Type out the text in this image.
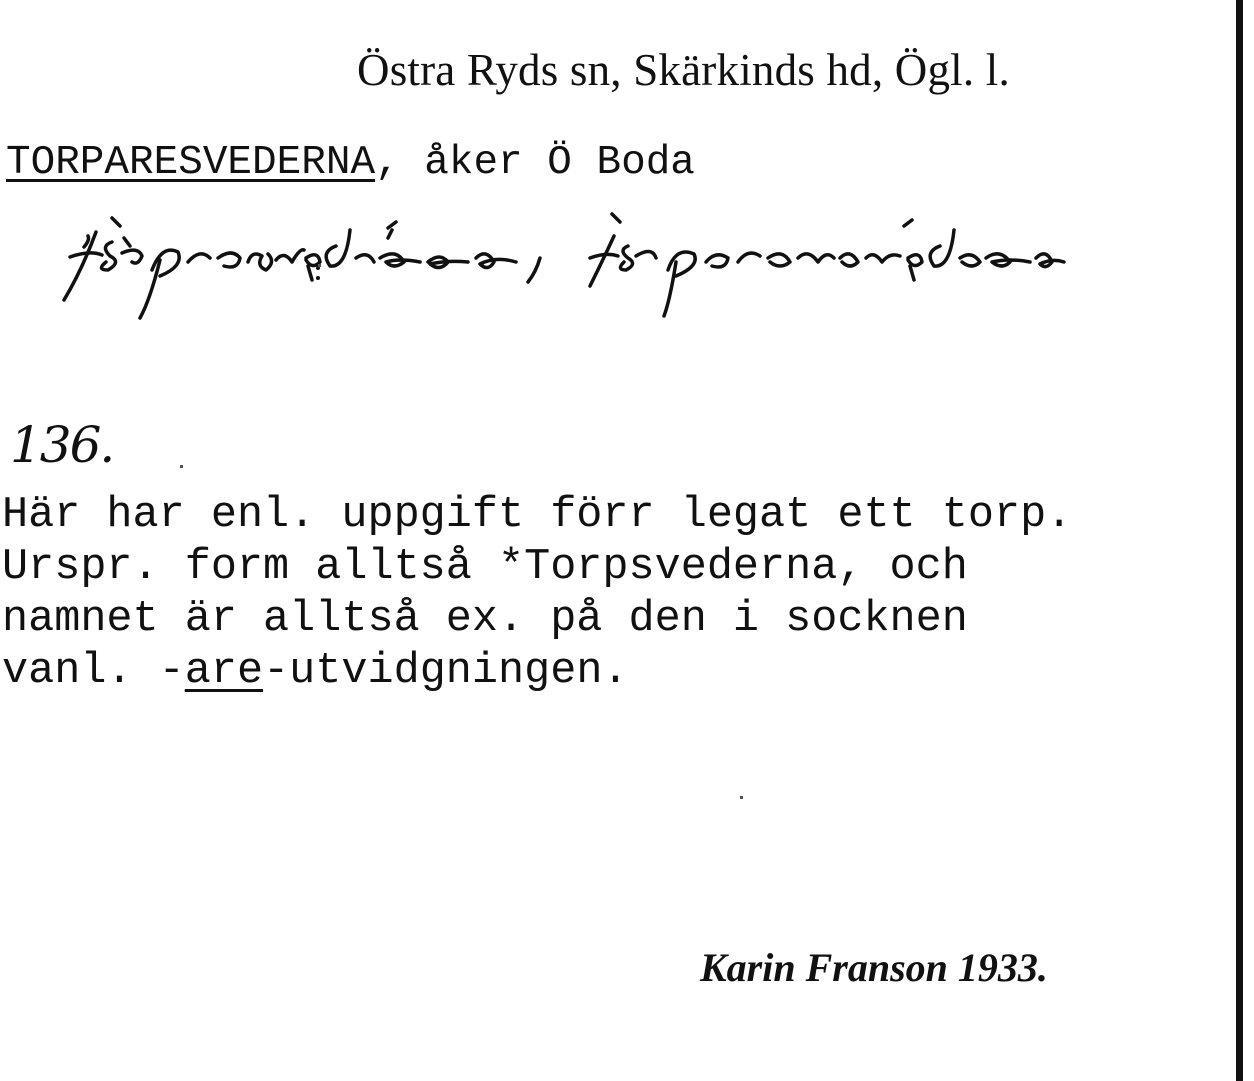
Östra Ryds sn, Skärkinds hd, Ögl. l.
TORPARESVEDERNA, åker Ö Boda
136.
Här har enl. uppgift förr legat ett torp.
Urspr. form alltså *Torpsvederna, och
namnet är alltså ex. på den i socknen
vanl. -are-utvidgningen.
Karin Franson 1933.
